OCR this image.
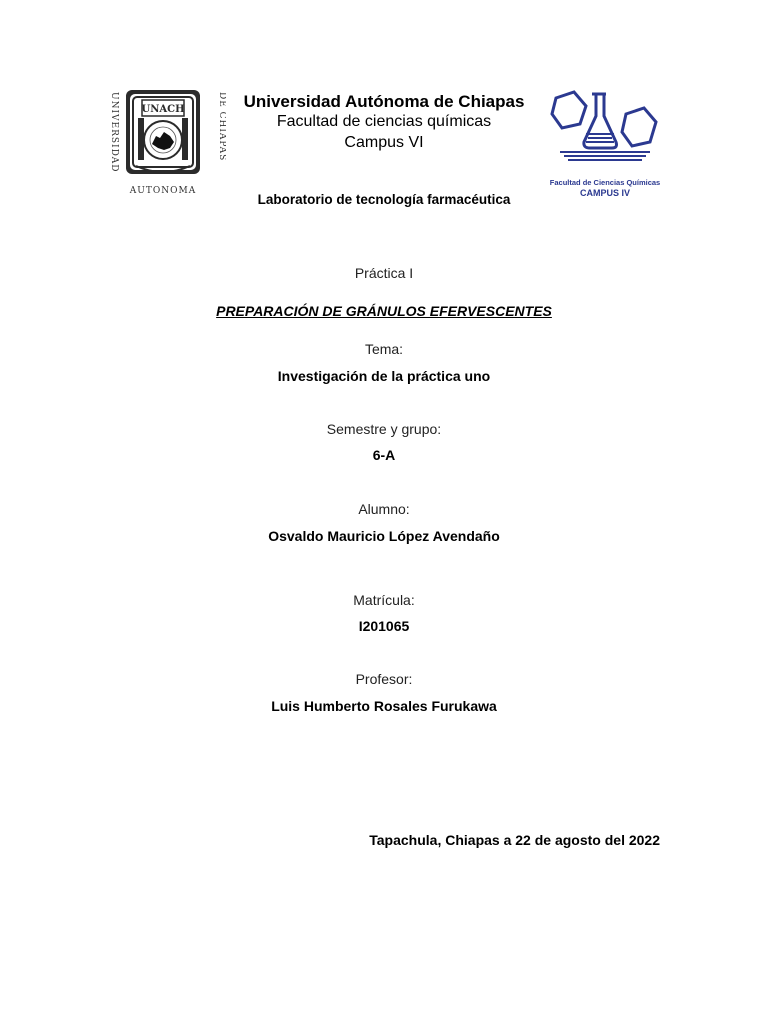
UNIVERSIDAD	DE CHIAPAS
UNACH
AUTONOMA
Universidad Autónoma de Chiapas
Facultad de ciencias químicas
Campus VI
Laboratorio de tecnología farmacéutica
Facultad de Ciencias Químicas
CAMPUS IV
Práctica I
PREPARACIÓN DE GRÁNULOS EFERVESCENTES
Tema:
Investigación de la práctica uno
Semestre y grupo:
6-A
Alumno:
Osvaldo Mauricio López Avendaño
Matrícula:
I201065
Profesor:
Luis Humberto Rosales Furukawa
Tapachula, Chiapas a 22 de agosto del 2022
